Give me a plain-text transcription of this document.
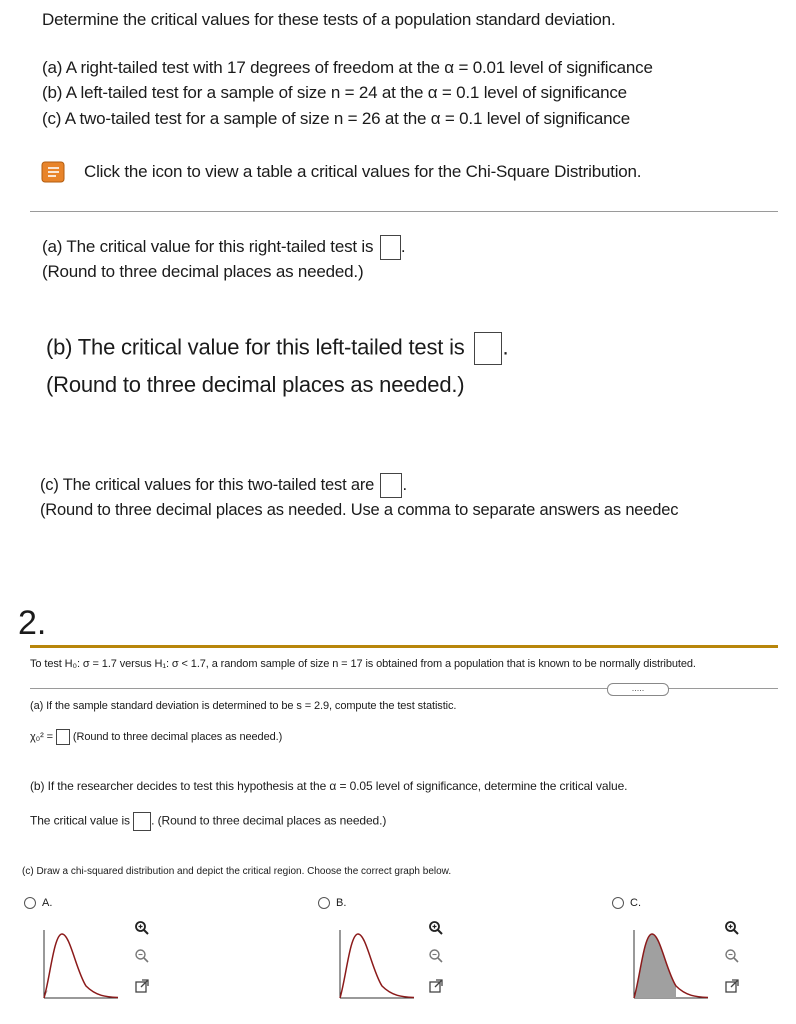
Determine the critical values for these tests of a population standard deviation.
(a) A right-tailed test with 17 degrees of freedom at the α = 0.01 level of significance
(b) A left-tailed test for a sample of size n = 24 at the α = 0.1 level of significance
(c) A two-tailed test for a sample of size n = 26 at the α = 0.1 level of significance
Click the icon to view a table a critical values for the Chi-Square Distribution.
(a) The critical value for this right-tailed test is .
(Round to three decimal places as needed.)
(b) The critical value for this left-tailed test is .
(Round to three decimal places as needed.)
(c) The critical values for this two-tailed test are .
(Round to three decimal places as needed. Use a comma to separate answers as needec
2.
To test H₀: σ = 1.7 versus H₁: σ < 1.7, a random sample of size n = 17 is obtained from a population that is known to be normally distributed.
.....
(a) If the sample standard deviation is determined to be s = 2.9, compute the test statistic.
χ₀² = (Round to three decimal places as needed.)
(b) If the researcher decides to test this hypothesis at the α = 0.05 level of significance, determine the critical value.
The critical value is . (Round to three decimal places as needed.)
(c) Draw a chi-squared distribution and depict the critical region. Choose the correct graph below.
A.	B.	C.
